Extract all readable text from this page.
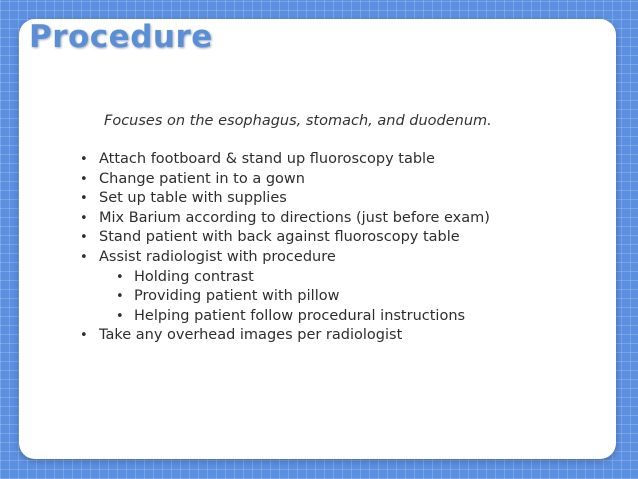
Procedure

Focuses on the esophagus, stomach, and duodenum.

• Attach footboard & stand up fluoroscopy table
• Change patient in to a gown
• Set up table with supplies
• Mix Barium according to directions (just before exam)
• Stand patient with back against fluoroscopy table
• Assist radiologist with procedure
• Holding contrast
• Providing patient with pillow
• Helping patient follow procedural instructions
• Take any overhead images per radiologist
